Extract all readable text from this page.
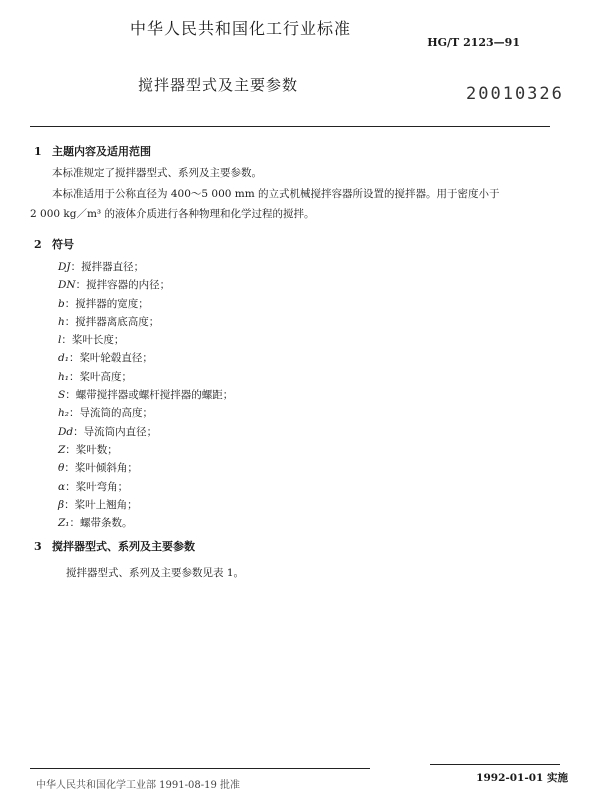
中华人民共和国化工行业标准
HG/T 2123—91
搅拌器型式及主要参数	20010326
1 主题内容及适用范围
本标准规定了搅拌器型式、系列及主要参数。
本标准适用于公称直径为 400～5 000 mm 的立式机械搅拌容器所设置的搅拌器。用于密度小于
2 000 kg／m³ 的液体介质进行各种物理和化学过程的搅拌。
2 符号
DJ：搅拌器直径；
DN：搅拌容器的内径；
b：搅拌器的宽度；
h：搅拌器离底高度；
l：桨叶长度；
d₁：桨叶轮毂直径；
h₁：桨叶高度；
S：螺带搅拌器或螺杆搅拌器的螺距；
h₂：导流筒的高度；
Dd：导流筒内直径；
Z：桨叶数；
θ：桨叶倾斜角；
α：桨叶弯角；
β：桨叶上翘角；
Z₁：螺带条数。
3 搅拌器型式、系列及主要参数
搅拌器型式、系列及主要参数见表 1。
中华人民共和国化学工业部 1991-08-19 批准
1992-01-01 实施
